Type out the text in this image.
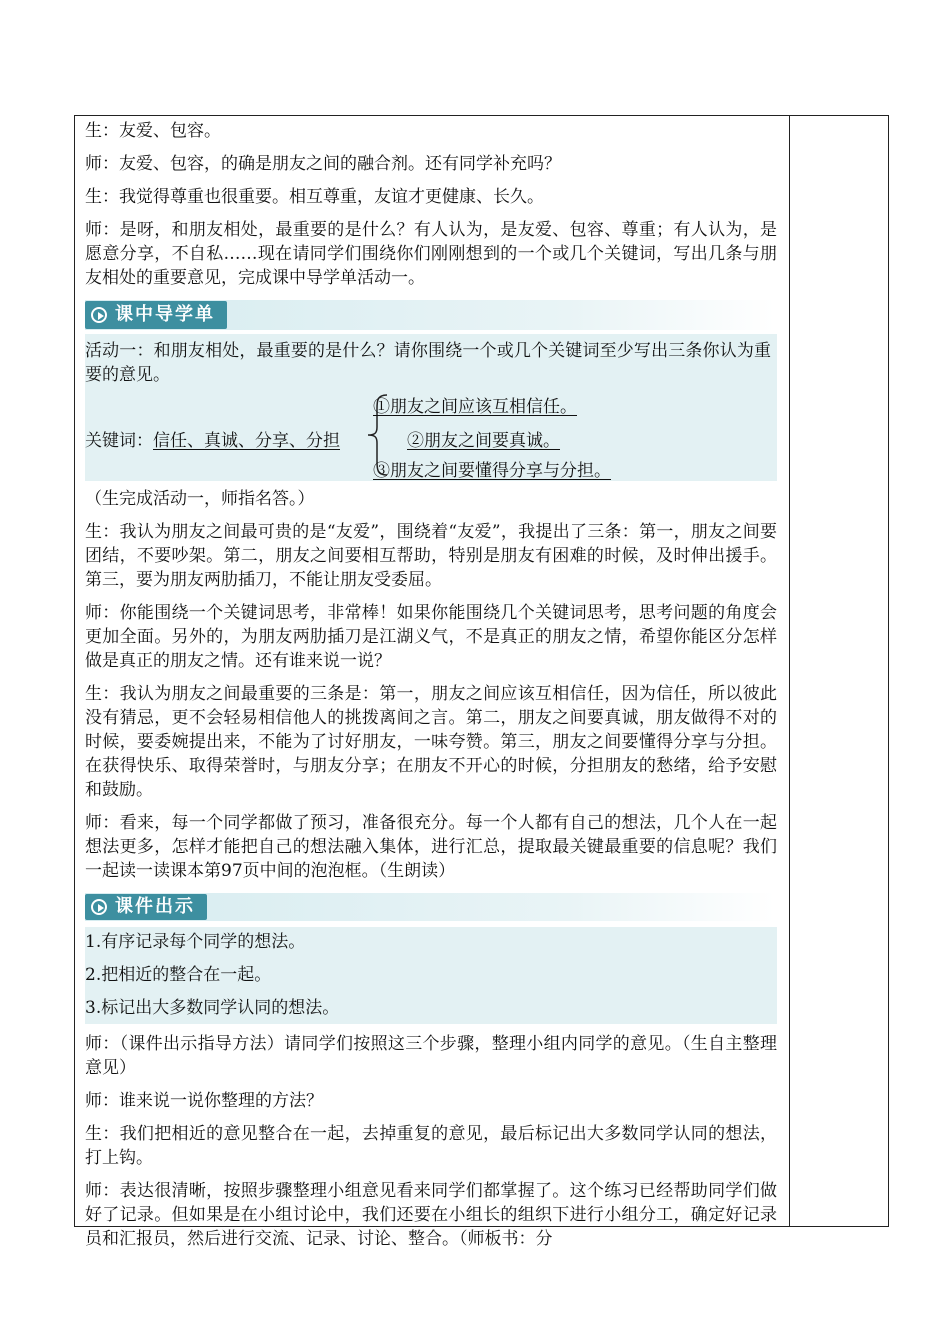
生：友爱、包容。

师：友爱、包容，的确是朋友之间的融合剂。还有同学补充吗？

生：我觉得尊重也很重要。相互尊重，友谊才更健康、长久。

师：是呀，和朋友相处，最重要的是什么？有人认为，是友爱、包容、尊重；有人认为，是愿意分享，不自私……现在请同学们围绕你们刚刚想到的一个或几个关键词，写出几条与朋友相处的重要意见，完成课中导学单活动一。

课中导学单

活动一：和朋友相处，最重要的是什么？请你围绕一个或几个关键词至少写出三条你认为重要的意见。

关键词：信任、真诚、分享、分担
①朋友之间应该互相信任。
②朋友之间要真诚。
③朋友之间要懂得分享与分担。

（生完成活动一，师指名答。）

生：我认为朋友之间最可贵的是“友爱”，围绕着“友爱”，我提出了三条：第一，朋友之间要团结，不要吵架。第二，朋友之间要相互帮助，特别是朋友有困难的时候，及时伸出援手。第三，要为朋友两肋插刀，不能让朋友受委屈。

师：你能围绕一个关键词思考，非常棒！如果你能围绕几个关键词思考，思考问题的角度会更加全面。另外的，为朋友两肋插刀是江湖义气，不是真正的朋友之情，希望你能区分怎样做是真正的朋友之情。还有谁来说一说？

生：我认为朋友之间最重要的三条是：第一，朋友之间应该互相信任，因为信任，所以彼此没有猜忌，更不会轻易相信他人的挑拨离间之言。第二，朋友之间要真诚，朋友做得不对的时候，要委婉提出来，不能为了讨好朋友，一味夸赞。第三，朋友之间要懂得分享与分担。在获得快乐、取得荣誉时，与朋友分享；在朋友不开心的时候，分担朋友的愁绪，给予安慰和鼓励。

师：看来，每一个同学都做了预习，准备很充分。每一个人都有自己的想法，几个人在一起想法更多，怎样才能把自己的想法融入集体，进行汇总，提取最关键最重要的信息呢？我们一起读一读课本第97页中间的泡泡框。（生朗读）

课件出示

1.有序记录每个同学的想法。

2.把相近的整合在一起。

3.标记出大多数同学认同的想法。

师：（课件出示指导方法）请同学们按照这三个步骤，整理小组内同学的意见。（生自主整理意见）

师：谁来说一说你整理的方法？

生：我们把相近的意见整合在一起，去掉重复的意见，最后标记出大多数同学认同的想法，打上钩。

师：表达很清晰，按照步骤整理小组意见看来同学们都掌握了。这个练习已经帮助同学们做好了记录。但如果是在小组讨论中，我们还要在小组长的组织下进行小组分工，确定好记录员和汇报员，然后进行交流、记录、讨论、整合。（师板书：分
